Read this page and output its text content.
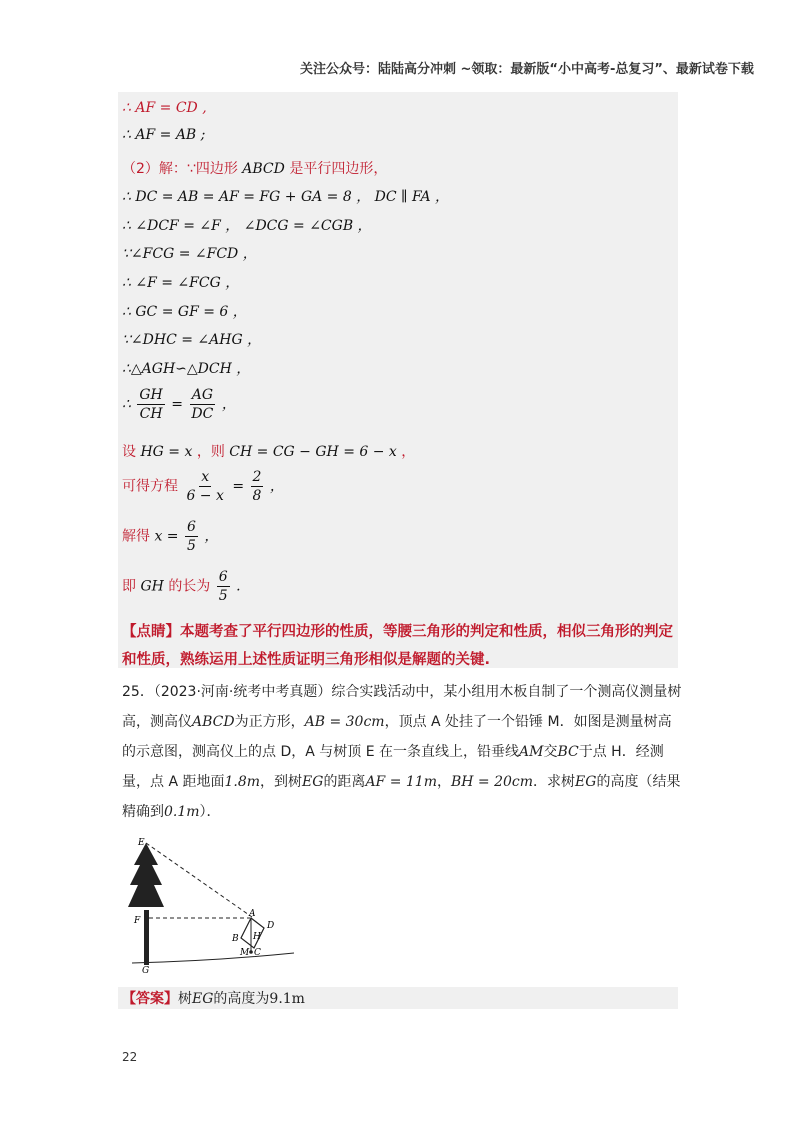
关注公众号：陆陆高分冲刺 ~领取：最新版“小中高考-总复习”、最新试卷下载
∴ AF = CD ,
∴ AF = AB ;
（2）解：∵四边形 ABCD 是平行四边形，
∴ DC = AB = AF = FG + GA = 8 ， DC ∥ FA ，
∴ ∠DCF = ∠F ， ∠DCG = ∠CGB ，
∵∠FCG = ∠FCD ，
∴ ∠F = ∠FCG ，
∴ GC = GF = 6 ，
∵∠DHC = ∠AHG ，
∴△AGH∽△DCH ，
∴ $\frac{GH}{CH} = \frac{AG}{DC}$ ，
设 HG = x ，则 CH = CG − GH = 6 − x ，
可得方程 $\frac{x}{6 - x} = \frac{2}{8}$ ，
解得 $x = \frac{6}{5}$ ，
即 GH 的长为 $\frac{6}{5}$ .
【点睛】本题考查了平行四边形的性质，等腰三角形的判定和性质，相似三角形的判定和性质，熟练运用上述性质证明三角形相似是解题的关键.
25．（2023·河南·统考中考真题）综合实践活动中，某小组用木板自制了一个测高仪测量树高，测高仪ABCD为正方形，AB = 30cm，顶点 A 处挂了一个铅锤 M．如图是测量树高的示意图，测高仪上的点 D，A 与树顶 E 在一条直线上，铅垂线AM交BC于点 H．经测量，点 A 距地面1.8m，到树EG的距离AF = 11m，BH = 20cm．求树EG的高度（结果精确到0.1m）．
E
F
G
A
D
B H
M C
【答案】树EG的高度为9.1m
22
